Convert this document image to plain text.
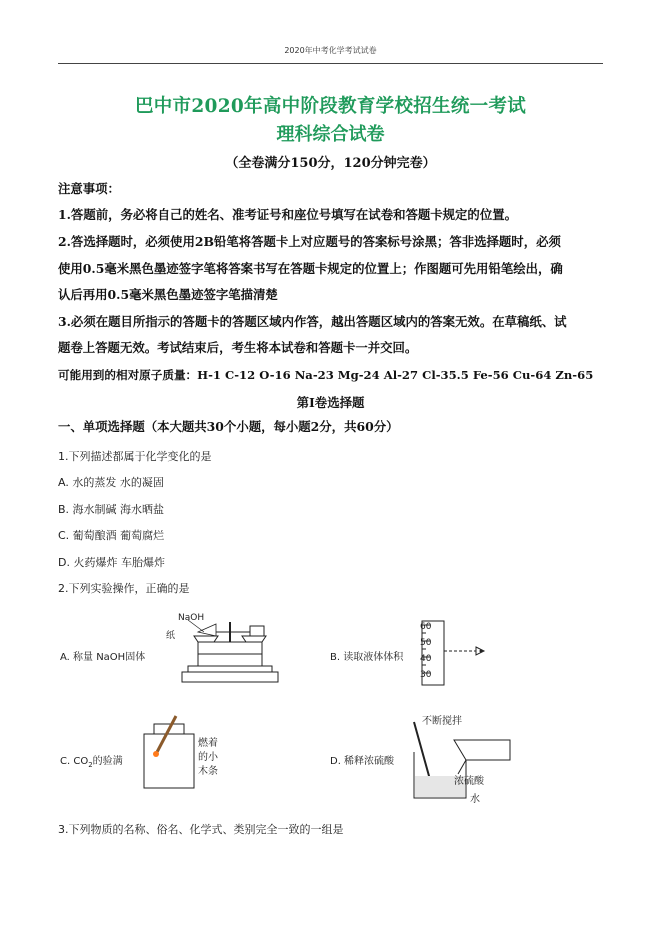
2020年中考化学考试试卷
巴中市2020年高中阶段教育学校招生统一考试
理科综合试卷
（全卷满分150分，120分钟完卷）
注意事项：
1.答题前，务必将自己的姓名、准考证号和座位号填写在试卷和答题卡规定的位置。
2.答选择题时，必须使用2B铅笔将答题卡上对应题号的答案标号涂黑；答非选择题时，必须
使用0.5毫米黑色墨迹签字笔将答案书写在答题卡规定的位置上；作图题可先用铅笔绘出，确
认后再用0.5毫米黑色墨迹签字笔描清楚
3.必须在题目所指示的答题卡的答题区域内作答，越出答题区域内的答案无效。在草稿纸、试
题卷上答题无效。考试结束后，考生将本试卷和答题卡一并交回。
可能用到的相对原子质量：H-1 C-12 O-16 Na-23 Mg-24 Al-27 Cl-35.5 Fe-56 Cu-64 Zn-65
第Ⅰ卷选择题
一、单项选择题（本大题共30个小题，每小题2分，共60分）
1.下列描述都属于化学变化的是
A. 水的蒸发 水的凝固
B. 海水制碱 海水晒盐
C. 葡萄酿酒 葡萄腐烂
D. 火药爆炸 车胎爆炸
2.下列实验操作，正确的是
A. 称量 NaOH固体
NaOH
纸
B. 读取液体体积
60
50
40
30
C. $CO_2$的验满
燃着
的小
木条
D. 稀释浓硫酸
不断搅拌
浓硫酸
水
3.下列物质的名称、俗名、化学式、类别完全一致的一组是
